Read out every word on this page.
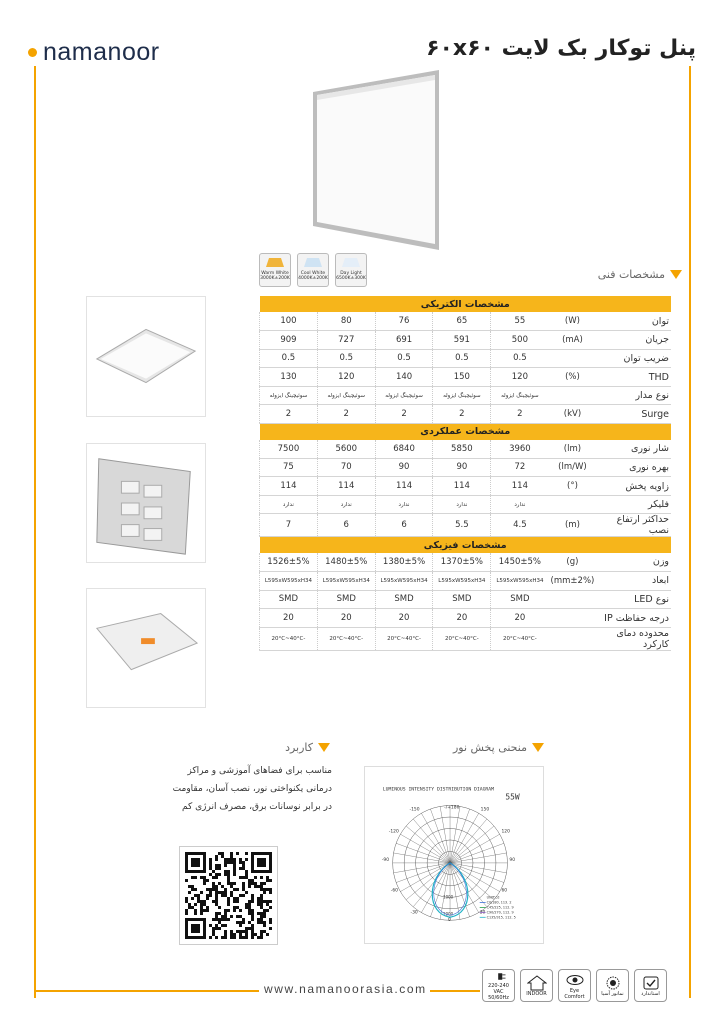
namanoor	پنل توکار بک لایت ۶۰x۶۰
Warm White
3000K±200K
Cool White
4000K±200K
Day Light
6500K±300K	مشخصات فنی
مشخصات الکتریکی						
توان	(W)	55	65	76	80	100
جریان	(mA)	500	591	691	727	909
ضریب توان		0.5	0.5	0.5	0.5	0.5
THD	(%)	120	150	140	120	130
نوع مدار		سوئیچینگ ایزوله	سوئیچینگ ایزوله	سوئیچینگ ایزوله	سوئیچینگ ایزوله	سوئیچینگ ایزوله
Surge	(kV)	2	2	2	2	2
مشخصات عملکردی						
شار نوری	(lm)	3960	5850	6840	5600	7500
بهره نوری	(lm/W)	72	90	90	70	75
زاویه پخش	(°)	114	114	114	114	114
فلیکر		ندارد	ندارد	ندارد	ندارد	ندارد
حداکثر ارتفاع نصب	(m)	4.5	5.5	6	6	7
مشخصات فیزیکی						
وزن	(g)	1450±5%	1370±5%	1380±5%	1480±5%	1526±5%
ابعاد	(mm±2%)	L595xW595xH34	L595xW595xH34	L595xW595xH34	L595xW595xH34	L595xW595xH34
نوع LED		SMD	SMD	SMD	SMD	SMD
درجه حفاظت IP		20	20	20	20	20
محدوده دمای کارکرد		-20°C~40°C	-20°C~40°C	-20°C~40°C	-20°C~40°C	-20°C~40°C
منحنی پخش نور
کاربرد
مناسب برای فضاهای آموزشی و مراکز درمانی یکنواختی نور، نصب آسان، مقاومت در برابر نوسانات برق، مصرف انرژی کم
LUMINOUS INTENSITY DISTRIBUTION DIAGRAM
55W
-/+180
-150	150
-120	120
-90	90
-60	60
-30	30
0
1000
2000
UNIT:cd
C0/180, 113. 2
C45/225, 112. 9
C90/270, 112. 9
C135/315, 112. 5
www.namanoorasia.com	220-240 VAC 50/60Hz
INDOOR	Eye Comfort	نمانور آسیا	استاندارد
